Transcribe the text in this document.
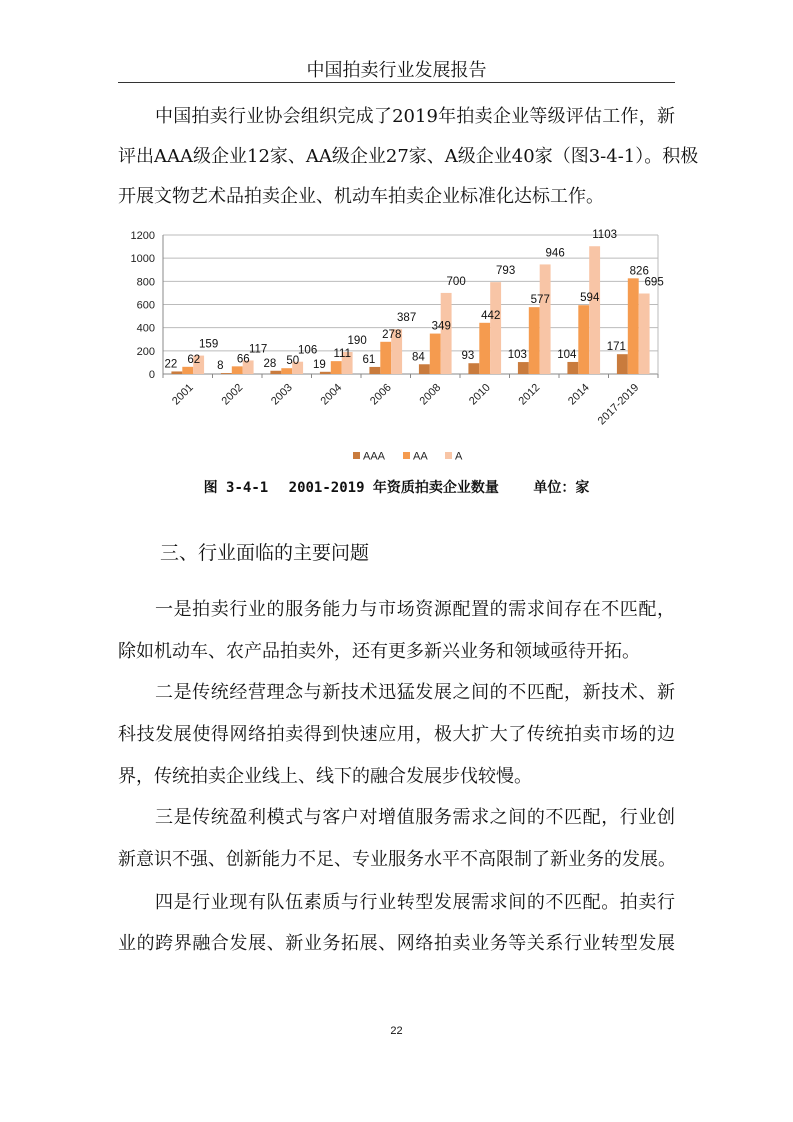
中国拍卖行业发展报告
中国拍卖行业协会组织完成了2019年拍卖企业等级评估工作，新
评出AAA级企业12家、AA级企业27家、A级企业40家（图3-4-1）。积极
开展文物艺术品拍卖企业、机动车拍卖企业标准化达标工作。
0
200
400
600
800
1000
1200
2001 2002 2003 2004 2006 2008 2010 2012 2014 2017-2019
22 62
159
8
66
117
28 50
106
19
111
190
61
278
387
84
349
700
93
442
793
103
577
946
104
594
1103
171
826
695
AAA	AA A
图 3-4-1 2001-2019 年资质拍卖企业数量 单位：家
三、行业面临的主要问题
一是拍卖行业的服务能力与市场资源配置的需求间存在不匹配，
除如机动车、农产品拍卖外，还有更多新兴业务和领域亟待开拓。
二是传统经营理念与新技术迅猛发展之间的不匹配，新技术、新
科技发展使得网络拍卖得到快速应用，极大扩大了传统拍卖市场的边
界，传统拍卖企业线上、线下的融合发展步伐较慢。
三是传统盈利模式与客户对增值服务需求之间的不匹配，行业创
新意识不强、创新能力不足、专业服务水平不高限制了新业务的发展。
四是行业现有队伍素质与行业转型发展需求间的不匹配。拍卖行
业的跨界融合发展、新业务拓展、网络拍卖业务等关系行业转型发展
22
